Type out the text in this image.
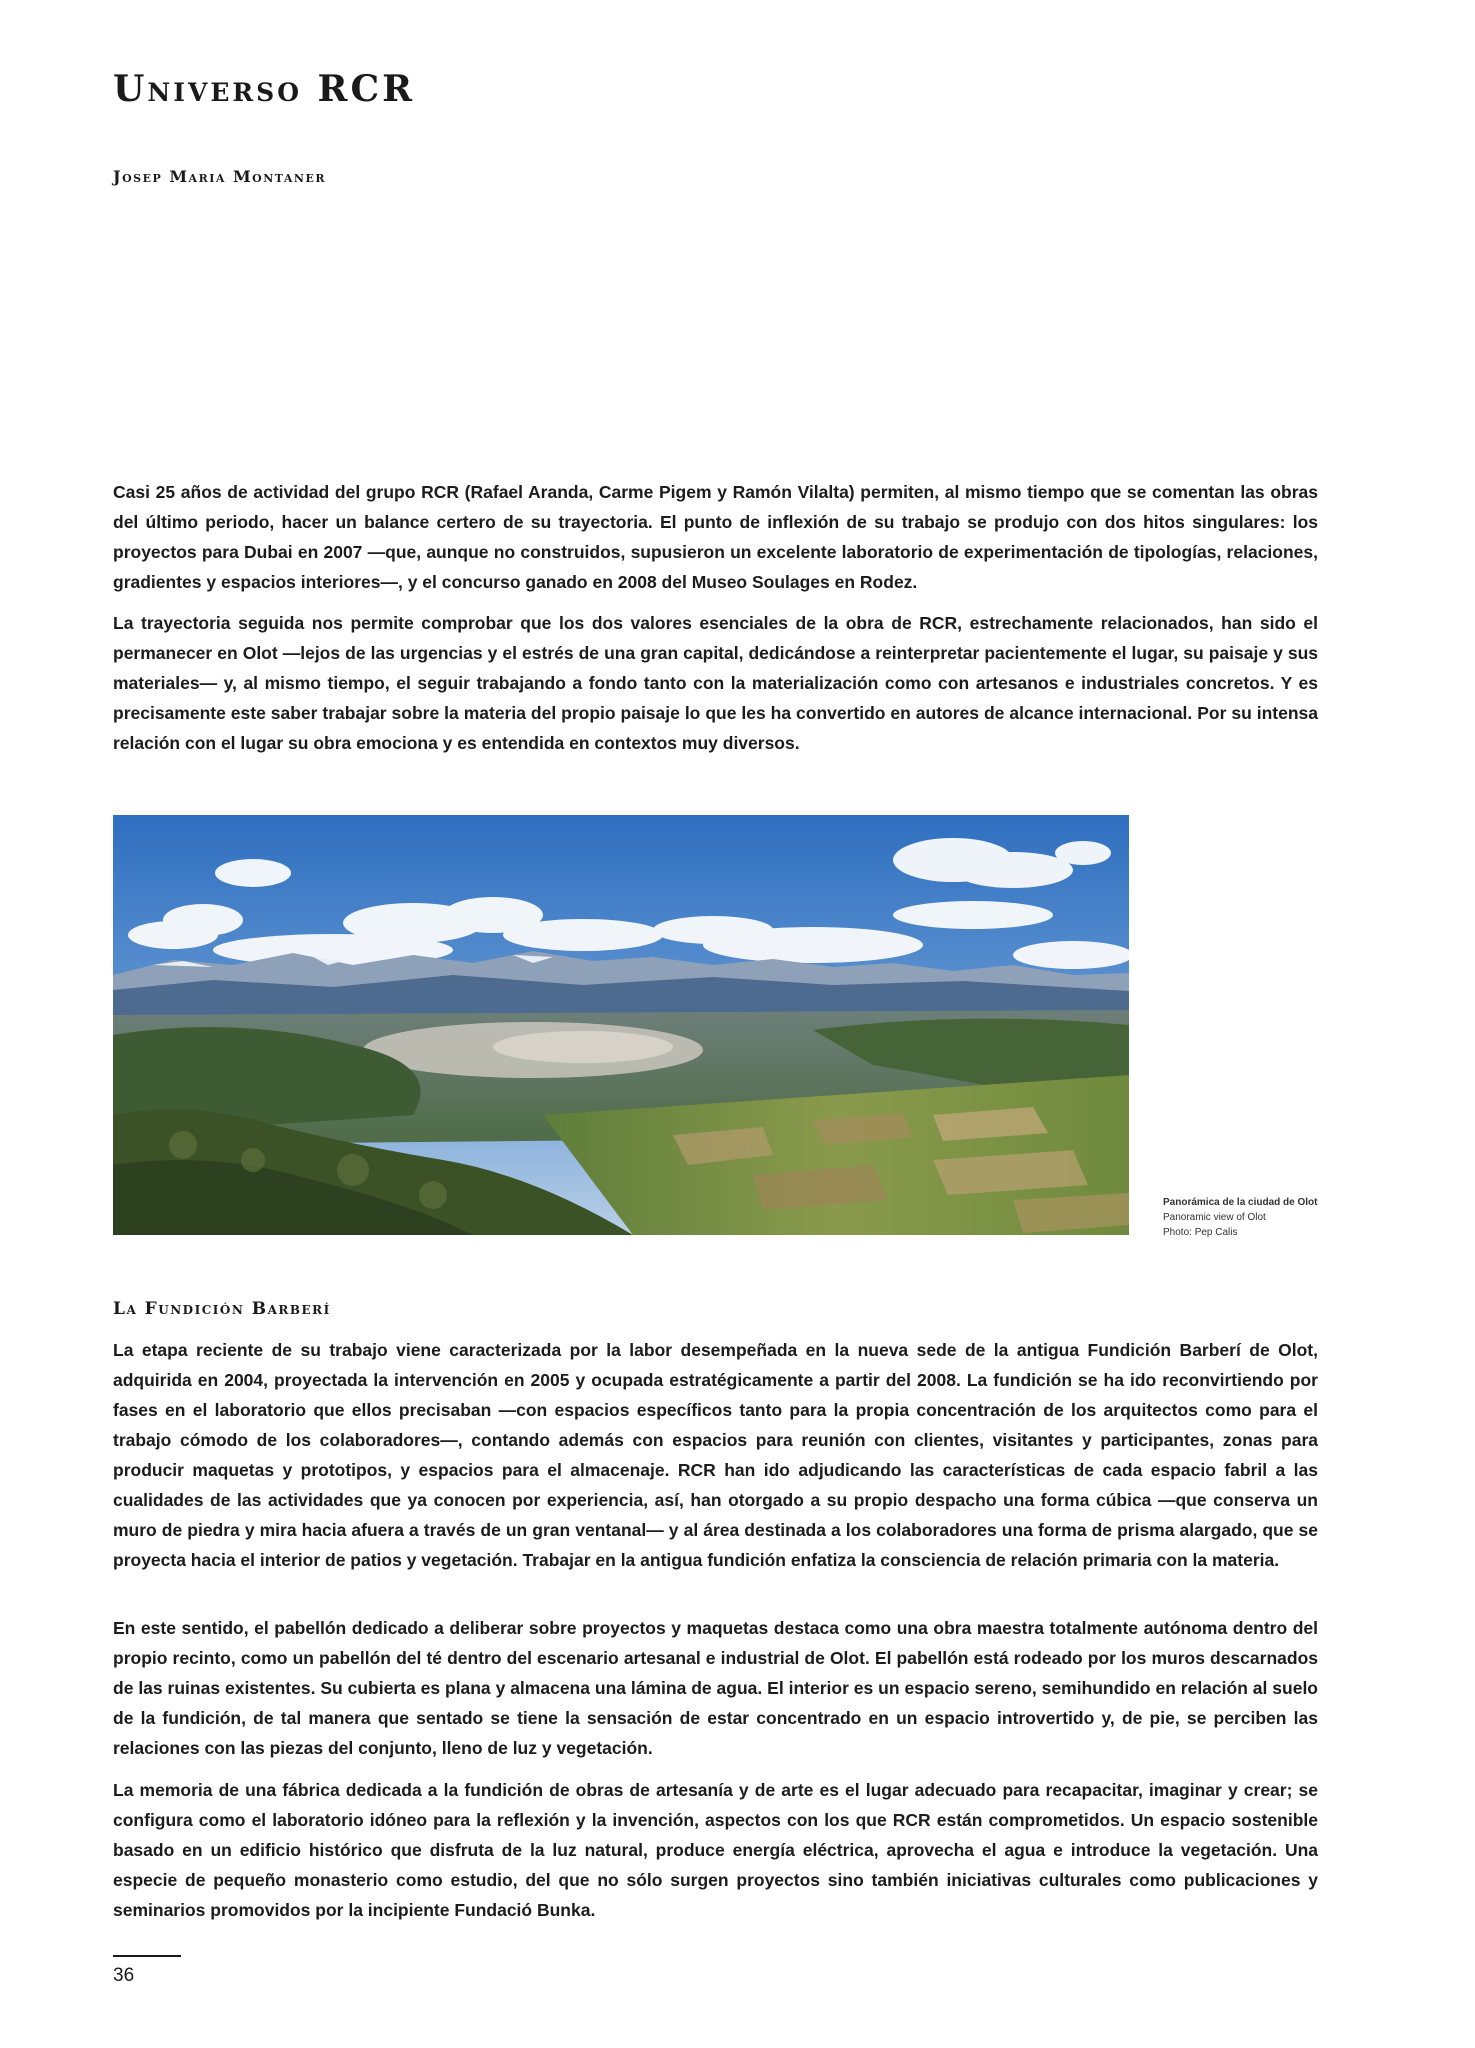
Universo RCR
Josep Maria Montaner

Casi 25 años de actividad del grupo RCR (Rafael Aranda, Carme Pigem y Ramón Vilalta) permiten, al mismo tiempo que se comentan las obras del último periodo, hacer un balance certero de su trayectoria. El punto de inflexión de su trabajo se produjo con dos hitos singulares: los proyectos para Dubai en 2007 —que, aunque no construidos, supusieron un excelente laboratorio de experimentación de tipologías, relaciones, gradientes y espacios interiores—, y el concurso ganado en 2008 del Museo Soulages en Rodez.

La trayectoria seguida nos permite comprobar que los dos valores esenciales de la obra de RCR, estrechamente relacionados, han sido el permanecer en Olot —lejos de las urgencias y el estrés de una gran capital, dedicándose a reinterpretar pacientemente el lugar, su paisaje y sus materiales— y, al mismo tiempo, el seguir trabajando a fondo tanto con la materialización como con artesanos e industriales concretos. Y es precisamente este saber trabajar sobre la materia del propio paisaje lo que les ha convertido en autores de alcance internacional. Por su intensa relación con el lugar su obra emociona y es entendida en contextos muy diversos.

Panorámica de la ciudad de Olot
Panoramic view of Olot
Photo: Pep Calis
La Fundición Barberí

La etapa reciente de su trabajo viene caracterizada por la labor desempeñada en la nueva sede de la antigua Fundición Barberí de Olot, adquirida en 2004, proyectada la intervención en 2005 y ocupada estratégicamente a partir del 2008. La fundición se ha ido reconvirtiendo por fases en el laboratorio que ellos precisaban —con espacios específicos tanto para la propia concentración de los arquitectos como para el trabajo cómodo de los colaboradores—, contando además con espacios para reunión con clientes, visitantes y participantes, zonas para producir maquetas y prototipos, y espacios para el almacenaje. RCR han ido adjudicando las características de cada espacio fabril a las cualidades de las actividades que ya conocen por experiencia, así, han otorgado a su propio despacho una forma cúbica —que conserva un muro de piedra y mira hacia afuera a través de un gran ventanal— y al área destinada a los colaboradores una forma de prisma alargado, que se proyecta hacia el interior de patios y vegetación. Trabajar en la antigua fundición enfatiza la consciencia de relación primaria con la materia.

En este sentido, el pabellón dedicado a deliberar sobre proyectos y maquetas destaca como una obra maestra totalmente autónoma dentro del propio recinto, como un pabellón del té dentro del escenario artesanal e industrial de Olot. El pabellón está rodeado por los muros descarnados de las ruinas existentes. Su cubierta es plana y almacena una lámina de agua. El interior es un espacio sereno, semihundido en relación al suelo de la fundición, de tal manera que sentado se tiene la sensación de estar concentrado en un espacio introvertido y, de pie, se perciben las relaciones con las piezas del conjunto, lleno de luz y vegetación.

La memoria de una fábrica dedicada a la fundición de obras de artesanía y de arte es el lugar adecuado para recapacitar, imaginar y crear; se configura como el laboratorio idóneo para la reflexión y la invención, aspectos con los que RCR están comprometidos. Un espacio sostenible basado en un edificio histórico que disfruta de la luz natural, produce energía eléctrica, aprovecha el agua e introduce la vegetación. Una especie de pequeño monasterio como estudio, del que no sólo surgen proyectos sino también iniciativas culturales como publicaciones y seminarios promovidos por la incipiente Fundació Bunka.

36
